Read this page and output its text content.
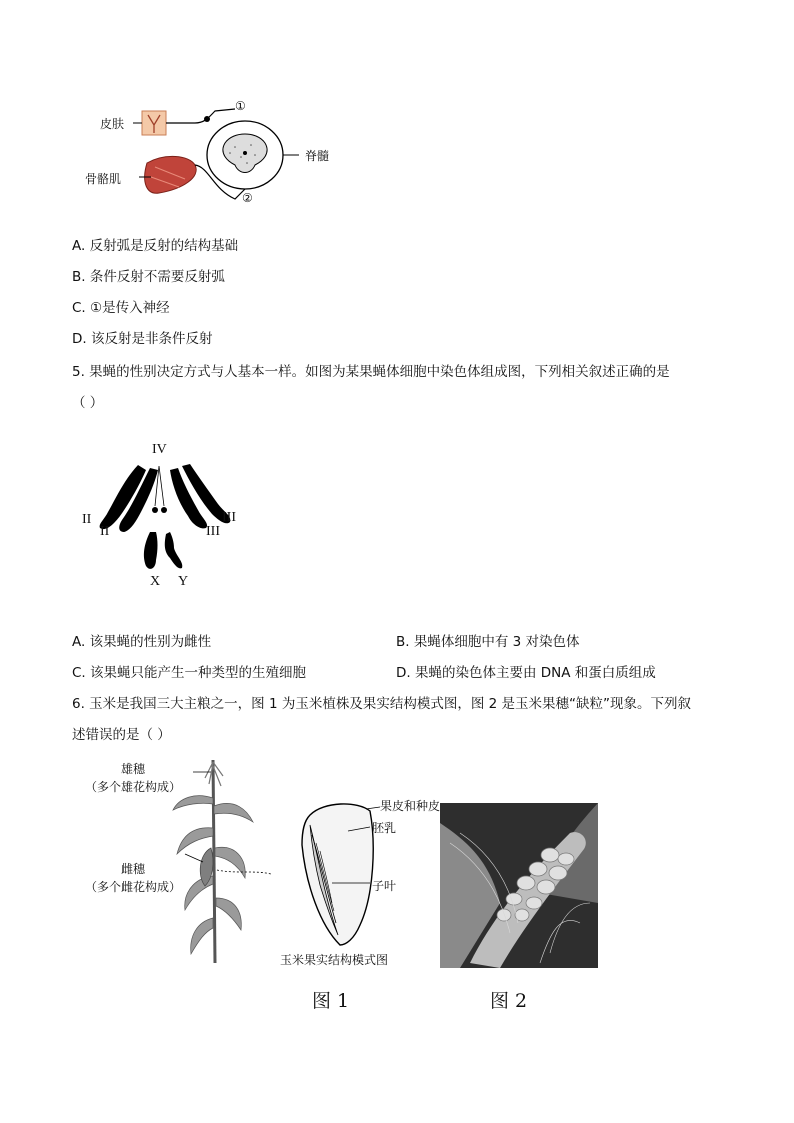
皮肤
骨骼肌
脊髓
①
②
A. 反射弧是反射的结构基础
B. 条件反射不需要反射弧
C. ①是传入神经
D. 该反射是非条件反射
5. 果蝇的性别决定方式与人基本一样。如图为某果蝇体细胞中染色体组成图，下列相关叙述正确的是
（ ）
IV
II
II
III
III
X Y
A. 该果蝇的性别为雌性	B. 果蝇体细胞中有 3 对染色体
C. 该果蝇只能产生一种类型的生殖细胞	D. 果蝇的染色体主要由 DNA 和蛋白质组成
6. 玉米是我国三大主粮之一，图 1 为玉米植株及果实结构模式图，图 2 是玉米果穗“缺粒”现象。下列叙
述错误的是（ ）
雄穗
（多个雄花构成）
雌穗
（多个雌花构成）
果皮和种皮
胚乳
子叶
玉米果实结构模式图
图 1	图 2
